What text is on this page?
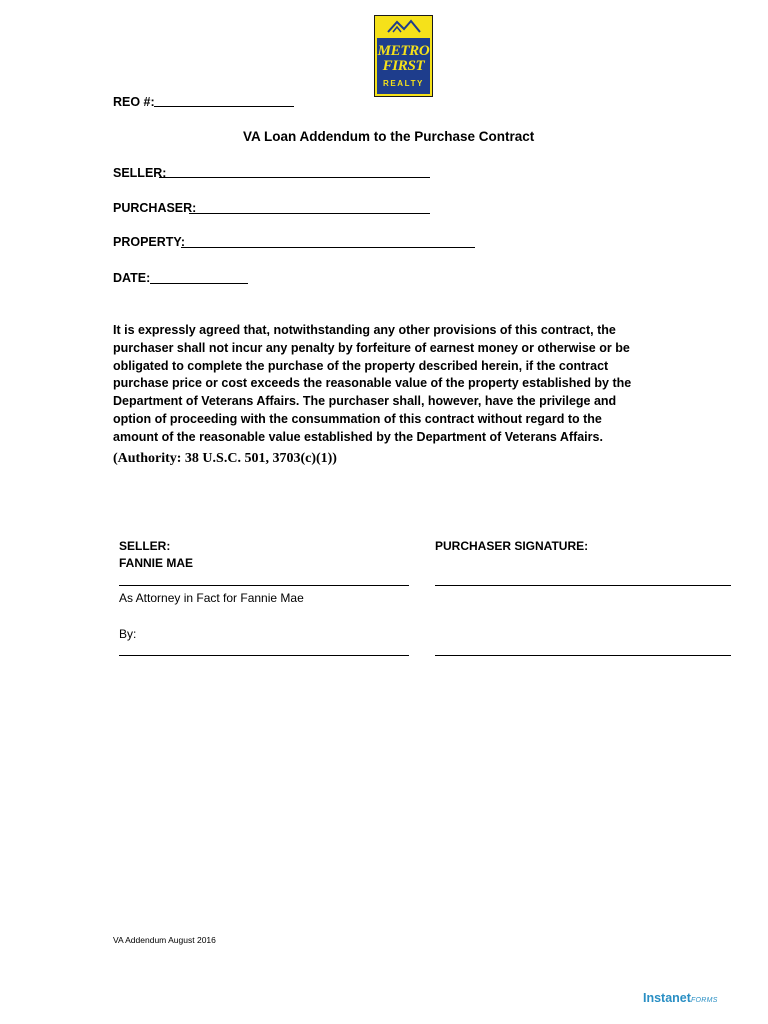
METRO
FIRST
REALTY
REO #:
VA Loan Addendum to the Purchase Contract
SELLER:
PURCHASER:
PROPERTY:
DATE:

It is expressly agreed that, notwithstanding any other provisions of this contract, the

purchaser shall not incur any penalty by forfeiture of earnest money or otherwise or be

obligated to complete the purchase of the property described herein, if the contract

purchase price or cost exceeds the reasonable value of the property established by the

Department of Veterans Affairs. The purchaser shall, however, have the privilege and

option of proceeding with the consummation of this contract without regard to the

amount of the reasonable value established by the Department of Veterans Affairs.

(Authority: 38 U.S.C. 501, 3703(c)(1))
SELLER:
FANNIE MAE
As Attorney in Fact for Fannie Mae
By:
PURCHASER SIGNATURE:
VA Addendum August 2016
InstanetFORMS
